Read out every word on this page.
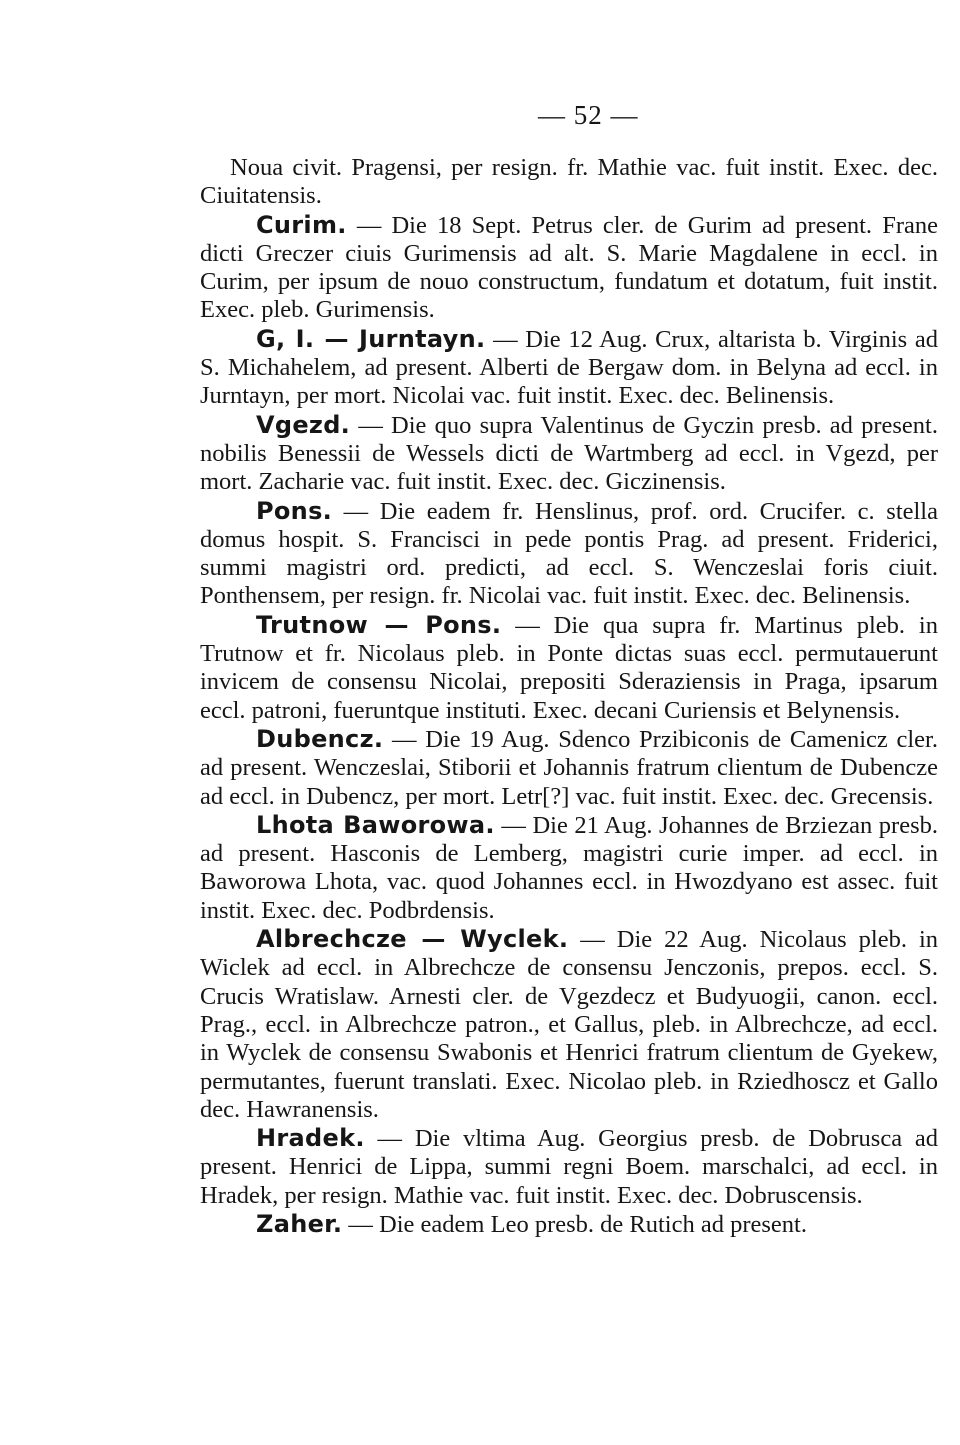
— 52 —

Noua civit. Pragensi, per resign. fr. Mathie vac. fuit instit. Exec. dec. Ciuitatensis.

Curim. — Die 18 Sept. Petrus cler. de Gurim ad present. Frane dicti Greczer ciuis Gurimensis ad alt. S. Marie Magdalene in eccl. in Curim, per ipsum de nouo constructum, fundatum et dotatum, fuit instit. Exec. pleb. Gurimensis.

G, I. — Jurntayn. — Die 12 Aug. Crux, altarista b. Virginis ad S. Michahelem, ad present. Alberti de Bergaw dom. in Belyna ad eccl. in Jurntayn, per mort. Nicolai vac. fuit instit. Exec. dec. Belinensis.

Vgezd. — Die quo supra Valentinus de Gyczin presb. ad present. nobilis Benessii de Wessels dicti de Wartmberg ad eccl. in Vgezd, per mort. Zacharie vac. fuit instit. Exec. dec. Giczinensis.

Pons. — Die eadem fr. Henslinus, prof. ord. Crucifer. c. stella domus hospit. S. Francisci in pede pontis Prag. ad present. Friderici, summi magistri ord. predicti, ad eccl. S. Wenczeslai foris ciuit. Ponthensem, per resign. fr. Nicolai vac. fuit instit. Exec. dec. Belinensis.

Trutnow — Pons. — Die qua supra fr. Martinus pleb. in Trutnow et fr. Nicolaus pleb. in Ponte dictas suas eccl. permutauerunt invicem de consensu Nicolai, prepositi Sderaziensis in Praga, ipsarum eccl. patroni, fueruntque instituti. Exec. decani Curiensis et Belynensis.

Dubencz. — Die 19 Aug. Sdenco Przibiconis de Camenicz cler. ad present. Wenczeslai, Stiborii et Johannis fratrum clientum de Dubencze ad eccl. in Dubencz, per mort. Letr[?] vac. fuit instit. Exec. dec. Grecensis.

Lhota Baworowa. — Die 21 Aug. Johannes de Brziezan presb. ad present. Hasconis de Lemberg, magistri curie imper. ad eccl. in Baworowa Lhota, vac. quod Johannes eccl. in Hwozdyano est assec. fuit instit. Exec. dec. Podbrdensis.

Albrechcze — Wyclek. — Die 22 Aug. Nicolaus pleb. in Wiclek ad eccl. in Albrechcze de consensu Jenczonis, prepos. eccl. S. Crucis Wratislaw. Arnesti cler. de Vgezdecz et Budyuogii, canon. eccl. Prag., eccl. in Albrechcze patron., et Gallus, pleb. in Albrechcze, ad eccl. in Wyclek de consensu Swabonis et Henrici fratrum clientum de Gyekew, permutantes, fuerunt translati. Exec. Nicolao pleb. in Rziedhoscz et Gallo dec. Hawranensis.

Hradek. — Die vltima Aug. Georgius presb. de Dobrusca ad present. Henrici de Lippa, summi regni Boem. marschalci, ad eccl. in Hradek, per resign. Mathie vac. fuit instit. Exec. dec. Dobruscensis.

Zaher. — Die eadem Leo presb. de Rutich ad present.
